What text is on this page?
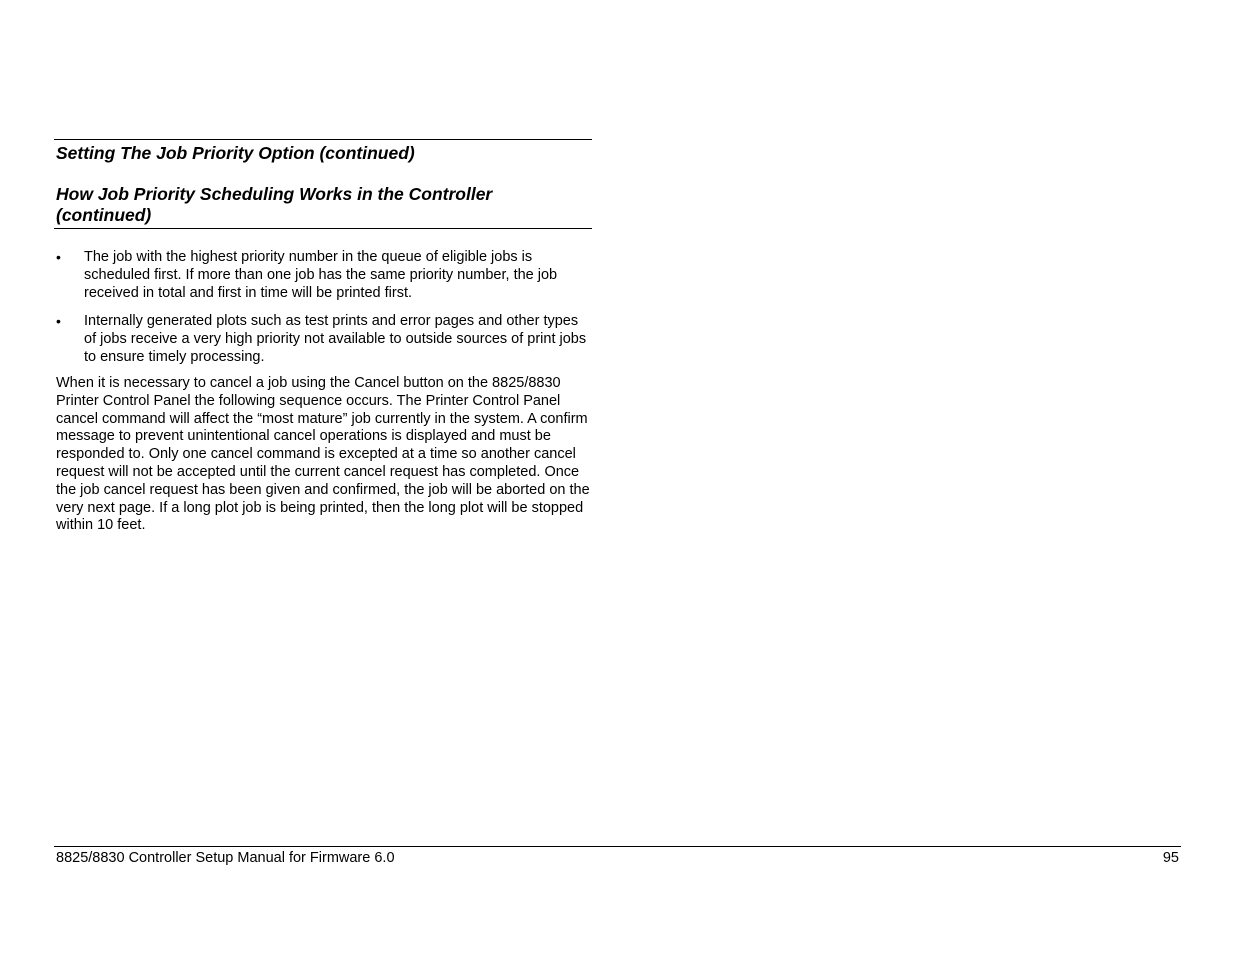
Setting The Job Priority Option (continued)
How Job Priority Scheduling Works in the Controller (continued)
•	The job with the highest priority number in the queue of eligible jobs is scheduled first. If more than one job has the same priority number, the job received in total and first in time will be printed first.
•	Internally generated plots such as test prints and error pages and other types of jobs receive a very high priority not available to outside sources of print jobs to ensure timely processing.

When it is necessary to cancel a job using the Cancel button on the 8825/8830 Printer Control Panel the following sequence occurs. The Printer Control Panel cancel command will affect the “most mature” job currently in the system. A confirm message to prevent unintentional cancel operations is displayed and must be responded to. Only one cancel command is excepted at a time so another cancel request will not be accepted until the current cancel request has completed. Once the job cancel request has been given and confirmed, the job will be aborted on the very next page. If a long plot job is being printed, then the long plot will be stopped within 10 feet.

8825/8830 Controller Setup Manual for Firmware 6.0	95
